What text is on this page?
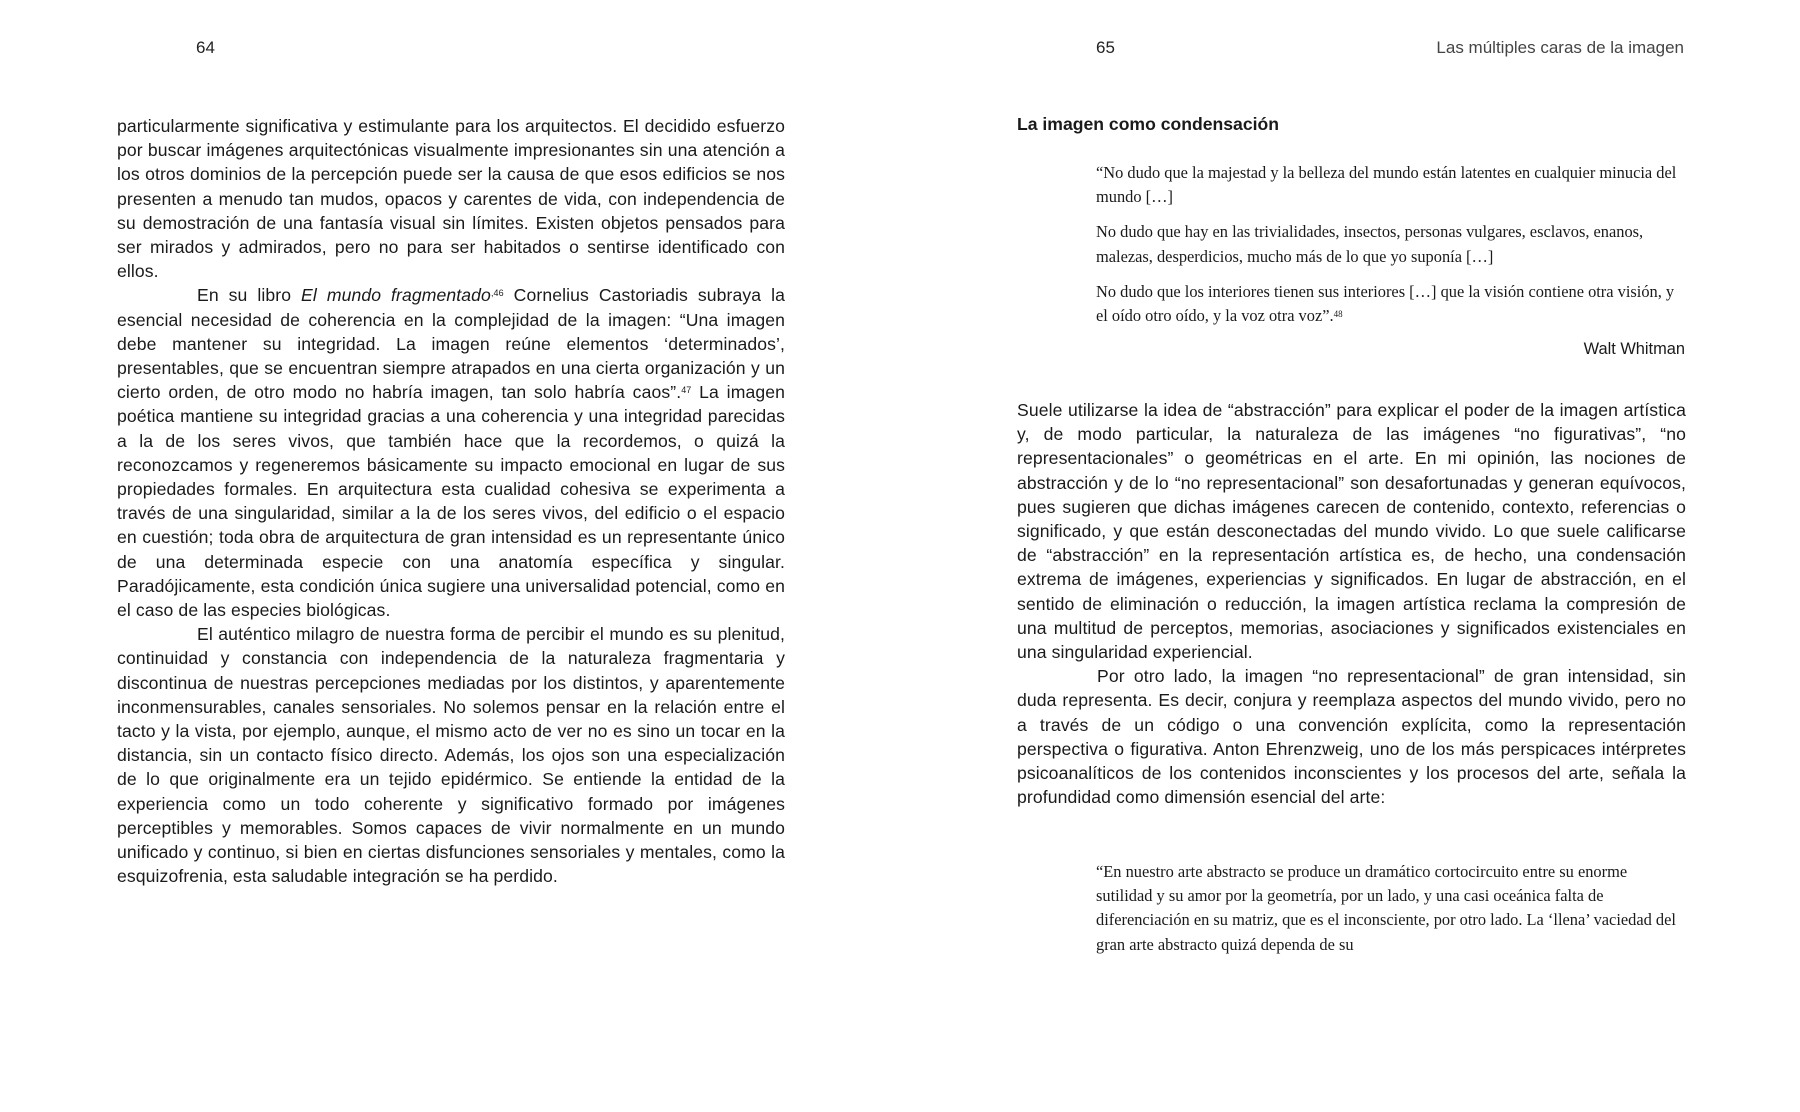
64

particularmente significativa y estimulante para los arquitectos. El decidido esfuerzo por buscar imágenes arquitectónicas visualmente impresionantes sin una atención a los otros dominios de la percepción puede ser la causa de que esos edificios se nos presenten a menudo tan mudos, opacos y carentes de vida, con independencia de su demostración de una fantasía visual sin límites. Existen objetos pensados para ser mirados y admirados, pero no para ser habitados o sentirse identificado con ellos.

En su libro El mundo fragmentado$^{,46}$ Cornelius Castoriadis subraya la esencial necesidad de coherencia en la complejidad de la imagen: “Una imagen debe mantener su integridad. La imagen reúne elementos ‘determinados’, presentables, que se encuentran siempre atrapados en una cierta organización y un cierto orden, de otro modo no habría imagen, tan solo habría caos”.$^{47}$ La imagen poética mantiene su integridad gracias a una coherencia y una integridad parecidas a la de los seres vivos, que también hace que la recordemos, o quizá la reconozcamos y regeneremos básicamente su impacto emocional en lugar de sus propiedades formales. En arquitectura esta cualidad cohesiva se experimenta a través de una singularidad, similar a la de los seres vivos, del edificio o el espacio en cuestión; toda obra de arquitectura de gran intensidad es un representante único de una determinada especie con una anatomía específica y singular. Paradójicamente, esta condición única sugiere una universalidad potencial, como en el caso de las especies biológicas.

El auténtico milagro de nuestra forma de percibir el mundo es su plenitud, continuidad y constancia con independencia de la naturaleza fragmentaria y discontinua de nuestras percepciones mediadas por los distintos, y aparentemente inconmensurables, canales sensoriales. No solemos pensar en la relación entre el tacto y la vista, por ejemplo, aunque, el mismo acto de ver no es sino un tocar en la distancia, sin un contacto físico directo. Además, los ojos son una especialización de lo que originalmente era un tejido epidérmico. Se entiende la entidad de la experiencia como un todo coherente y significativo formado por imágenes perceptibles y memorables. Somos capaces de vivir normalmente en un mundo unificado y continuo, si bien en ciertas disfunciones sensoriales y mentales, como la esquizofrenia, esta saludable integración se ha perdido.

65	Las múltiples caras de la imagen
La imagen como condensación

“No dudo que la majestad y la belleza del mundo están latentes en cualquier minucia del mundo […]

No dudo que hay en las trivialidades, insectos, personas vulgares, esclavos, enanos, malezas, desperdicios, mucho más de lo que yo suponía […]

No dudo que los interiores tienen sus interiores […] que la visión contiene otra visión, y el oído otro oído, y la voz otra voz”.$^{48}$

Walt Whitman

Suele utilizarse la idea de “abstracción” para explicar el poder de la imagen artística y, de modo particular, la naturaleza de las imágenes “no figurativas”, “no representacionales” o geométricas en el arte. En mi opinión, las nociones de abstracción y de lo “no representacional” son desafortunadas y generan equívocos, pues sugieren que dichas imágenes carecen de contenido, contexto, referencias o significado, y que están desconectadas del mundo vivido. Lo que suele calificarse de “abstracción” en la representación artística es, de hecho, una condensación extrema de imágenes, experiencias y significados. En lugar de abstracción, en el sentido de eliminación o reducción, la imagen artística reclama la compresión de una multitud de perceptos, memorias, asociaciones y significados existenciales en una singularidad experiencial.

Por otro lado, la imagen “no representacional” de gran intensidad, sin duda representa. Es decir, conjura y reemplaza aspectos del mundo vivido, pero no a través de un código o una convención explícita, como la representación perspectiva o figurativa. Anton Ehrenzweig, uno de los más perspicaces intérpretes psicoanalíticos de los contenidos inconscientes y los procesos del arte, señala la profundidad como dimensión esencial del arte:

“En nuestro arte abstracto se produce un dramático cortocircuito entre su enorme sutilidad y su amor por la geometría, por un lado, y una casi oceánica falta de diferenciación en su matriz, que es el inconsciente, por otro lado. La ‘llena’ vaciedad del gran arte abstracto quizá dependa de su
